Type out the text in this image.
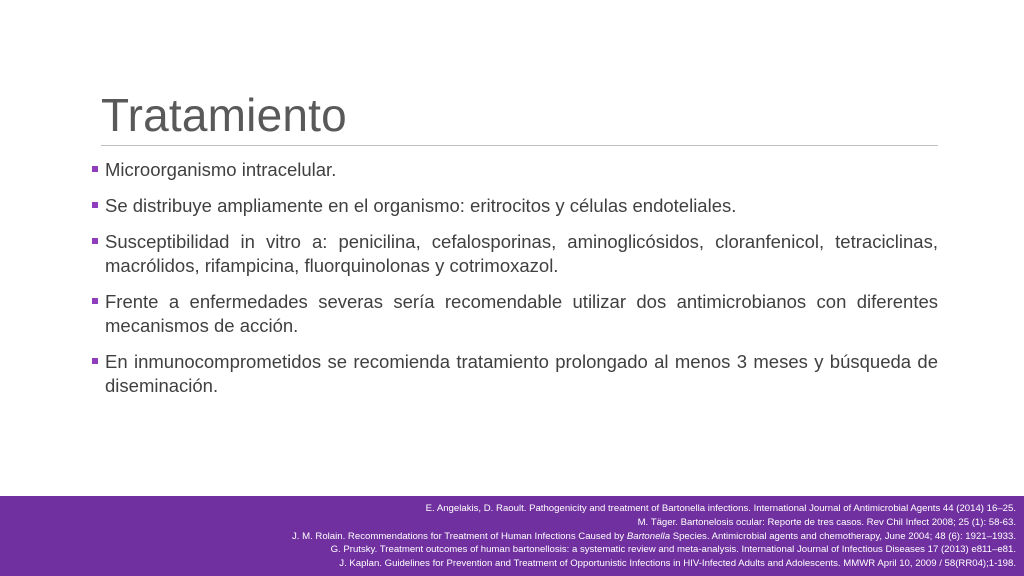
Tratamiento
Microorganismo intracelular.
Se distribuye ampliamente en el organismo: eritrocitos y células endoteliales.
Susceptibilidad in vitro a: penicilina, cefalosporinas, aminoglicósidos, cloranfenicol, tetraciclinas, macrólidos, rifampicina, fluorquinolonas y cotrimoxazol.
Frente a enfermedades severas sería recomendable utilizar dos antimicrobianos con diferentes mecanismos de acción.
En inmunocomprometidos se recomienda tratamiento prolongado al menos 3 meses y búsqueda de diseminación.
E. Angelakis, D. Raoult. Pathogenicity and treatment of Bartonella infections. International Journal of Antimicrobial Agents 44 (2014) 16–25.
M. Täger. Bartonelosis ocular: Reporte de tres casos. Rev Chil Infect 2008; 25 (1): 58-63.
J. M. Rolain. Recommendations for Treatment of Human Infections Caused by Bartonella Species. Antimicrobial agents and chemotherapy, June 2004; 48 (6): 1921–1933.
G. Prutsky. Treatment outcomes of human bartonellosis: a systematic review and meta-analysis. International Journal of Infectious Diseases 17 (2013) e811–e81.
J. Kaplan. Guidelines for Prevention and Treatment of Opportunistic Infections in HIV-Infected Adults and Adolescents. MMWR April 10, 2009 / 58(RR04);1-198.
